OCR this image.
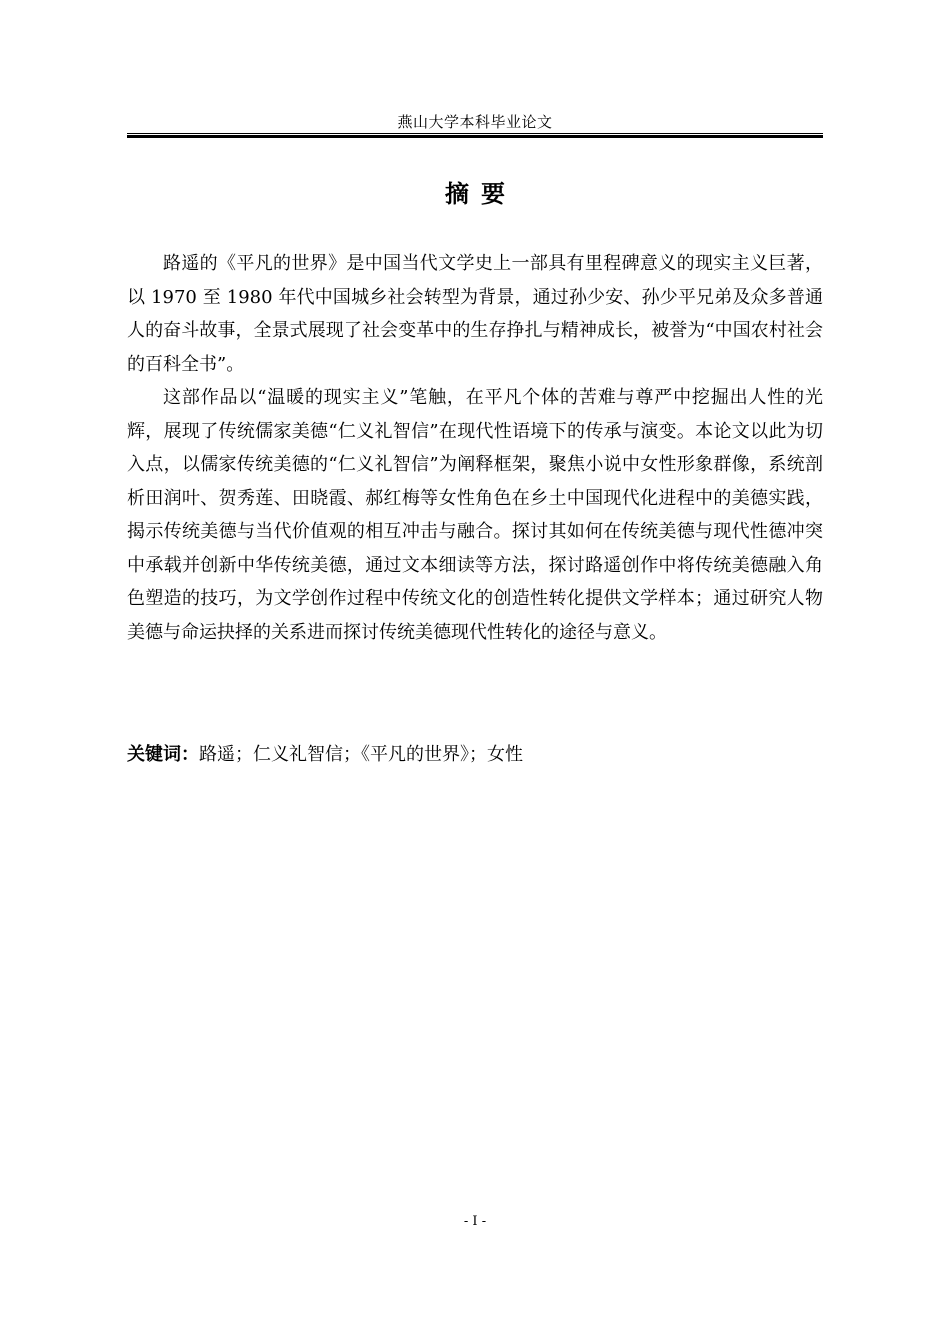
燕山大学本科毕业论文
摘要

路遥的《平凡的世界》是中国当代文学史上一部具有里程碑意义的现实主义巨著，以 1970 至 1980 年代中国城乡社会转型为背景，通过孙少安、孙少平兄弟及众多普通人的奋斗故事，全景式展现了社会变革中的生存挣扎与精神成长，被誉为“中国农村社会的百科全书”。

这部作品以“温暖的现实主义”笔触，在平凡个体的苦难与尊严中挖掘出人性的光辉，展现了传统儒家美德“仁义礼智信”在现代性语境下的传承与演变。本论文以此为切入点，以儒家传统美德的“仁义礼智信”为阐释框架，聚焦小说中女性形象群像，系统剖析田润叶、贺秀莲、田晓霞、郝红梅等女性角色在乡土中国现代化进程中的美德实践，揭示传统美德与当代价值观的相互冲击与融合。探讨其如何在传统美德与现代性德冲突中承载并创新中华传统美德，通过文本细读等方法，探讨路遥创作中将传统美德融入角色塑造的技巧，为文学创作过程中传统文化的创造性转化提供文学样本；通过研究人物美德与命运抉择的关系进而探讨传统美德现代性转化的途径与意义。

关键词：路遥；仁义礼智信；《平凡的世界》；女性
- I -
